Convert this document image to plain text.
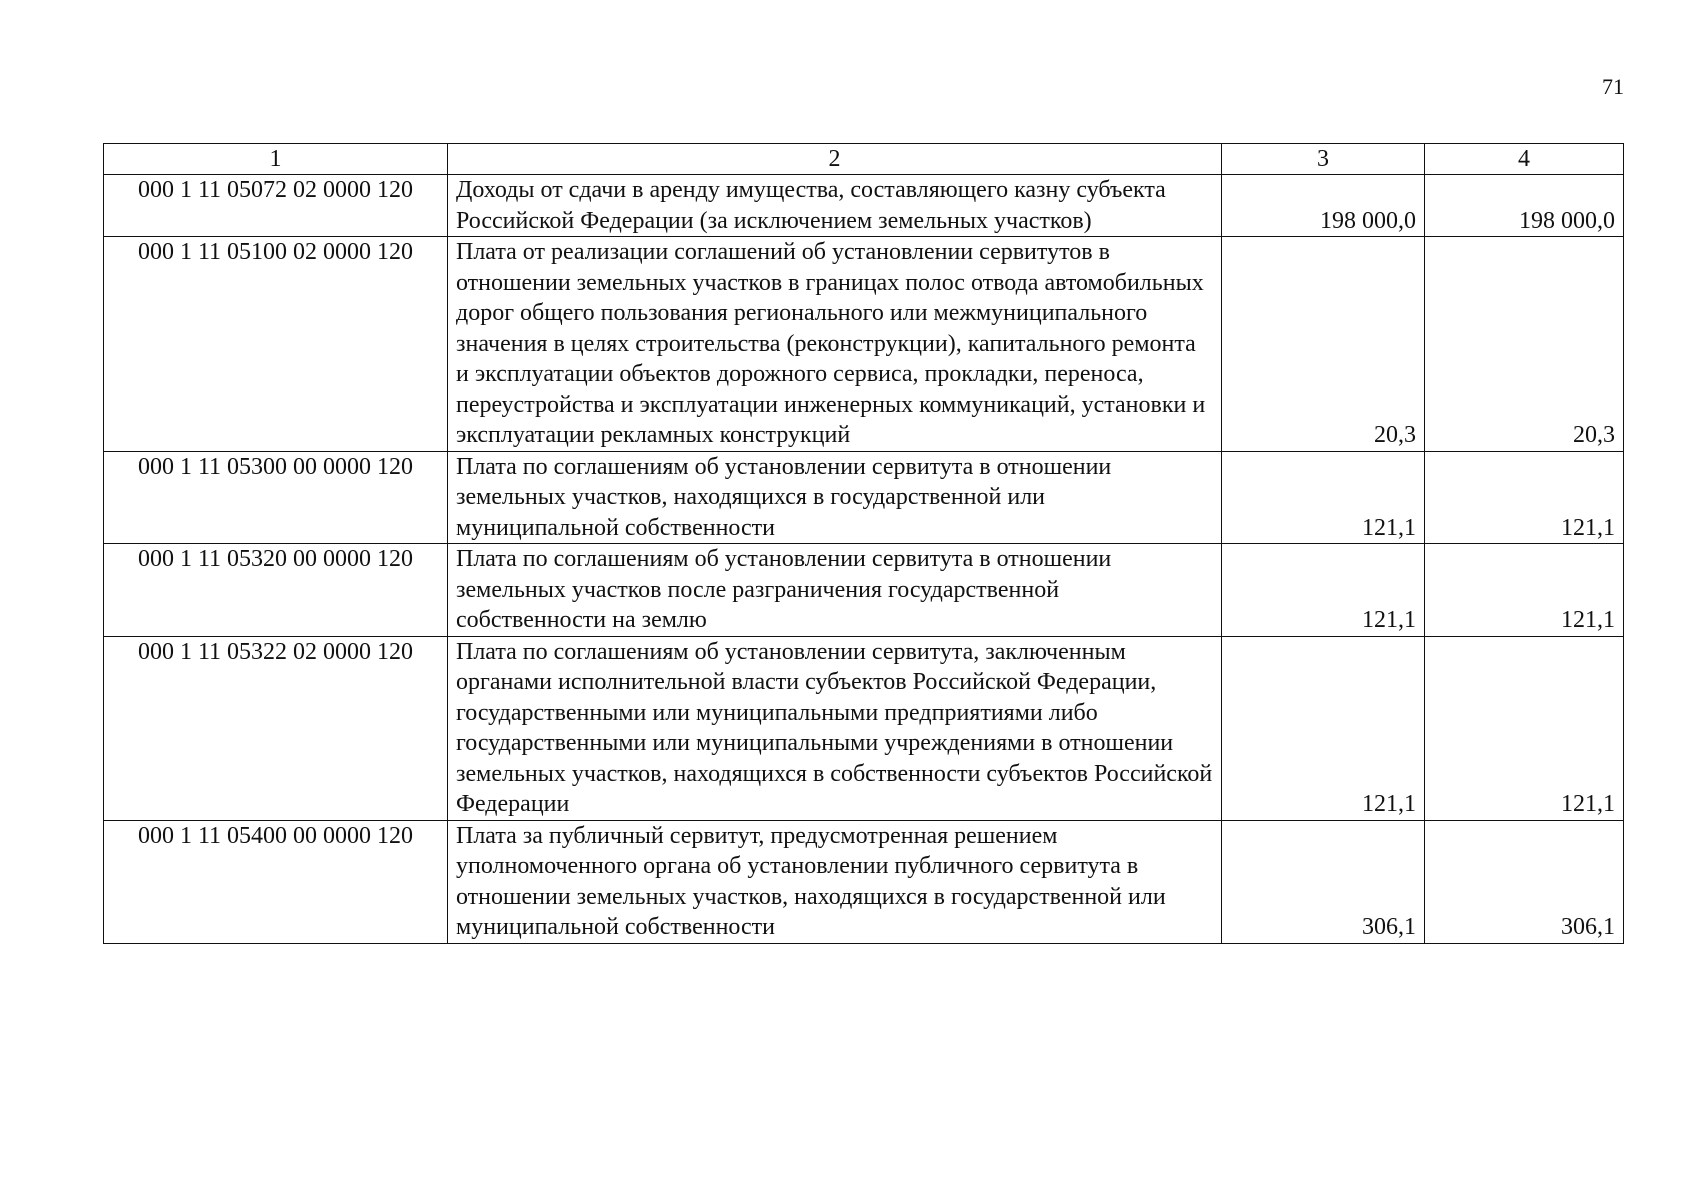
71
1	2	3	4
000 1 11 05072 02 0000 120	Доходы от сдачи в аренду имущества, составляющего казну субъекта Российской Федерации (за исключением земельных участков)	198 000,0	198 000,0
000 1 11 05100 02 0000 120	Плата от реализации соглашений об установлении сервитутов в отношении земельных участков в границах полос отвода автомобильных дорог общего пользования регионального или межмуниципального значения в целях строительства (реконструкции), капитального ремонта и эксплуатации объектов дорожного сервиса, прокладки, переноса, переустройства и эксплуатации инженерных коммуникаций, установки и эксплуатации рекламных конструкций	20,3	20,3
000 1 11 05300 00 0000 120	Плата по соглашениям об установлении сервитута в отношении земельных участков, находящихся в государственной или муниципальной собственности	121,1	121,1
000 1 11 05320 00 0000 120	Плата по соглашениям об установлении сервитута в отношении земельных участков после разграничения государственной собственности на землю	121,1	121,1
000 1 11 05322 02 0000 120	Плата по соглашениям об установлении сервитута, заключенным органами исполнительной власти субъектов Российской Федерации, государственными или муниципальными предприятиями либо государственными или муниципальными учреждениями в отношении земельных участков, находящихся в собственности субъектов Российской Федерации	121,1	121,1
000 1 11 05400 00 0000 120	Плата за публичный сервитут, предусмотренная решением уполномоченного органа об установлении публичного сервитута в отношении земельных участков, находящихся в государственной или муниципальной собственности	306,1	306,1
